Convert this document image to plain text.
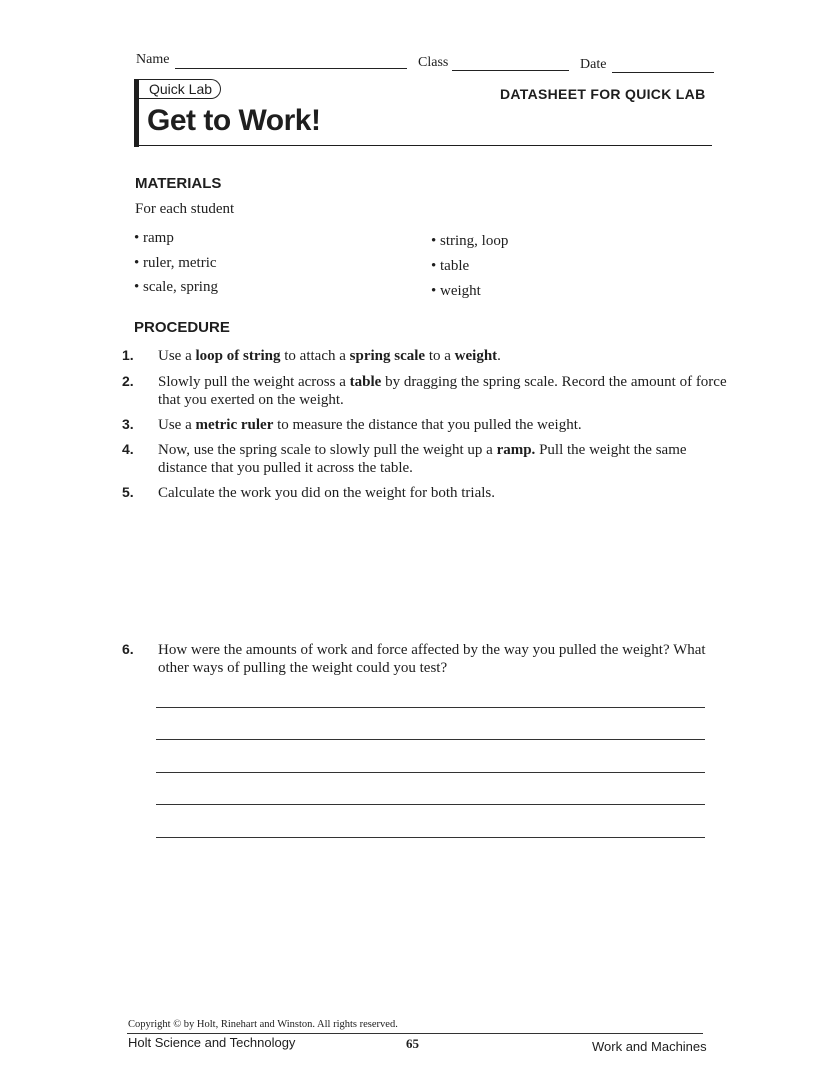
Name	Class	Date
Quick Lab	DATASHEET FOR QUICK LAB
Get to Work!
MATERIALS
For each student
• ramp
• ruler, metric
• scale, spring
• string, loop
• table
• weight
PROCEDURE
1. Use a loop of string to attach a spring scale to a weight.
2. Slowly pull the weight across a table by dragging the spring scale. Record the amount of force that you exerted on the weight.
3. Use a metric ruler to measure the distance that you pulled the weight.
4. Now, use the spring scale to slowly pull the weight up a ramp. Pull the weight the same distance that you pulled it across the table.
5. Calculate the work you did on the weight for both trials.
6. How were the amounts of work and force affected by the way you pulled the weight? What other ways of pulling the weight could you test?
Copyright © by Holt, Rinehart and Winston. All rights reserved.
Holt Science and Technology	65	Work and Machines
